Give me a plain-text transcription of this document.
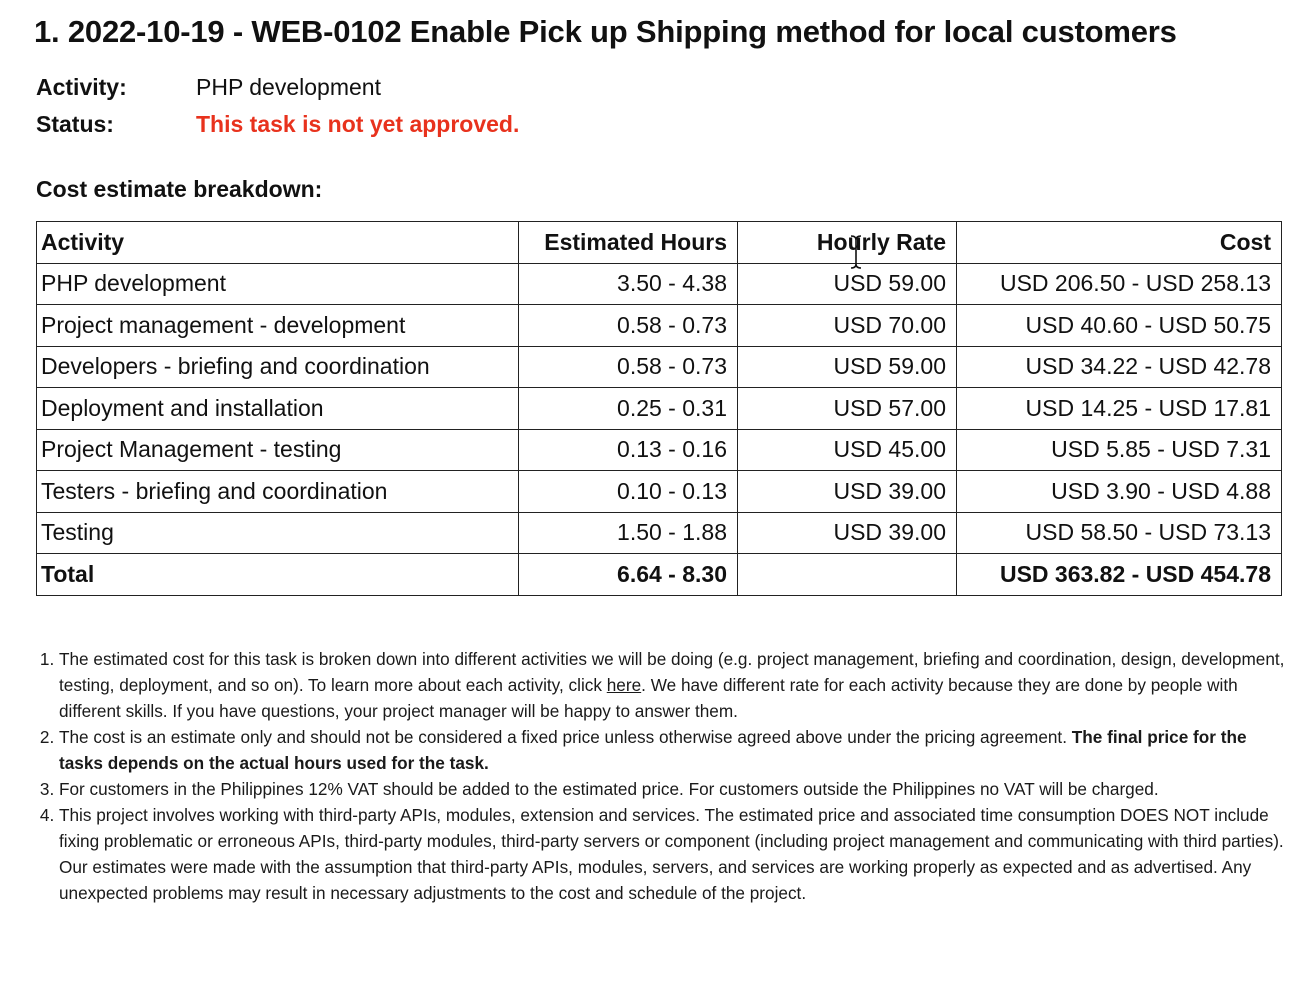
1. 2022-10-19 - WEB-0102 Enable Pick up Shipping method for local customers
Activity:	PHP development
Status:	This task is not yet approved.
Cost estimate breakdown:
Activity	Estimated Hours	Hourly Rate	Cost
PHP development	3.50 - 4.38	USD 59.00	USD 206.50 - USD 258.13
Project management - development	0.58 - 0.73	USD 70.00	USD 40.60 - USD 50.75
Developers - briefing and coordination	0.58 - 0.73	USD 59.00	USD 34.22 - USD 42.78
Deployment and installation	0.25 - 0.31	USD 57.00	USD 14.25 - USD 17.81
Project Management - testing	0.13 - 0.16	USD 45.00	USD 5.85 - USD 7.31
Testers - briefing and coordination	0.10 - 0.13	USD 39.00	USD 3.90 - USD 4.88
Testing	1.50 - 1.88	USD 39.00	USD 58.50 - USD 73.13
Total	6.64 - 8.30		USD 363.82 - USD 454.78
1. The estimated cost for this task is broken down into different activities we will be doing (e.g. project management, briefing and coordination, design, development, testing, deployment, and so on). To learn more about each activity, click here. We have different rate for each activity because they are done by people with different skills. If you have questions, your project manager will be happy to answer them.
2. The cost is an estimate only and should not be considered a fixed price unless otherwise agreed above under the pricing agreement. The final price for the tasks depends on the actual hours used for the task.
3. For customers in the Philippines 12% VAT should be added to the estimated price. For customers outside the Philippines no VAT will be charged.
4. This project involves working with third-party APIs, modules, extension and services. The estimated price and associated time consumption DOES NOT include fixing problematic or erroneous APIs, third-party modules, third-party servers or component (including project management and communicating with third parties). Our estimates were made with the assumption that third-party APIs, modules, servers, and services are working properly as expected and as advertised. Any unexpected problems may result in necessary adjustments to the cost and schedule of the project.
